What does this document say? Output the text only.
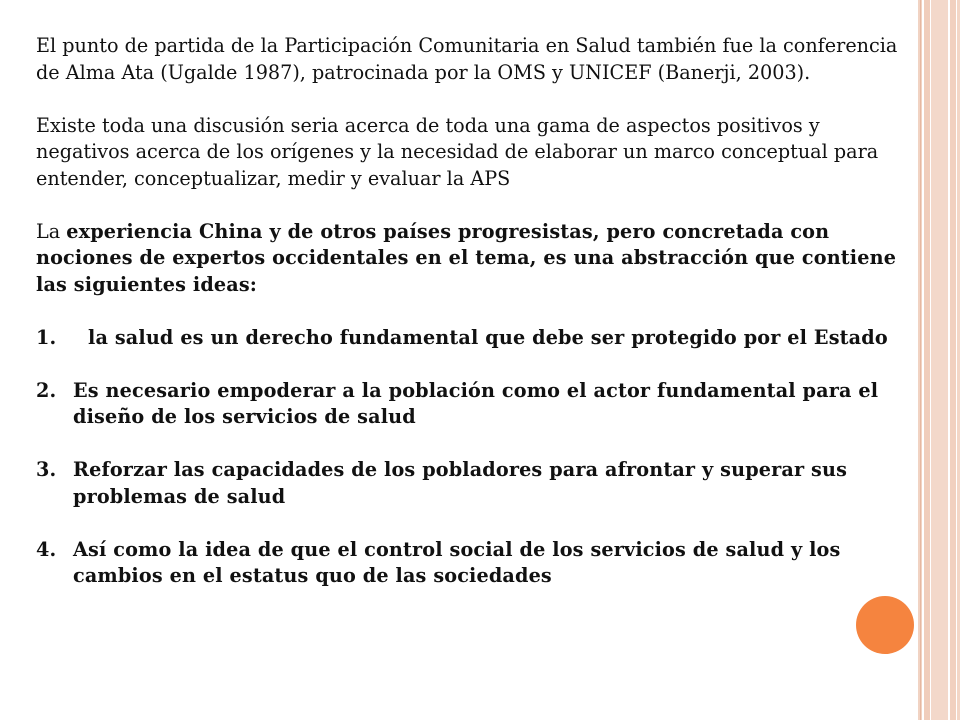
El punto de partida de la Participación Comunitaria en Salud también fue la conferencia de Alma Ata (Ugalde 1987), patrocinada por la OMS y UNICEF (Banerji, 2003).

Existe toda una discusión seria acerca de toda una gama de aspectos positivos y negativos acerca de los orígenes y la necesidad de elaborar un marco conceptual para entender, conceptualizar, medir y evaluar la APS

La experiencia China y de otros países progresistas, pero concretada con nociones de expertos occidentales en el tema, es una abstracción que contiene las siguientes ideas:

1. la salud es un derecho fundamental que debe ser protegido por el Estado
2. Es necesario empoderar a la población como el actor fundamental para el diseño de los servicios de salud
3. Reforzar las capacidades de los pobladores para afrontar y superar sus problemas de salud
4. Así como la idea de que el control social de los servicios de salud y los cambios en el estatus quo de las sociedades
